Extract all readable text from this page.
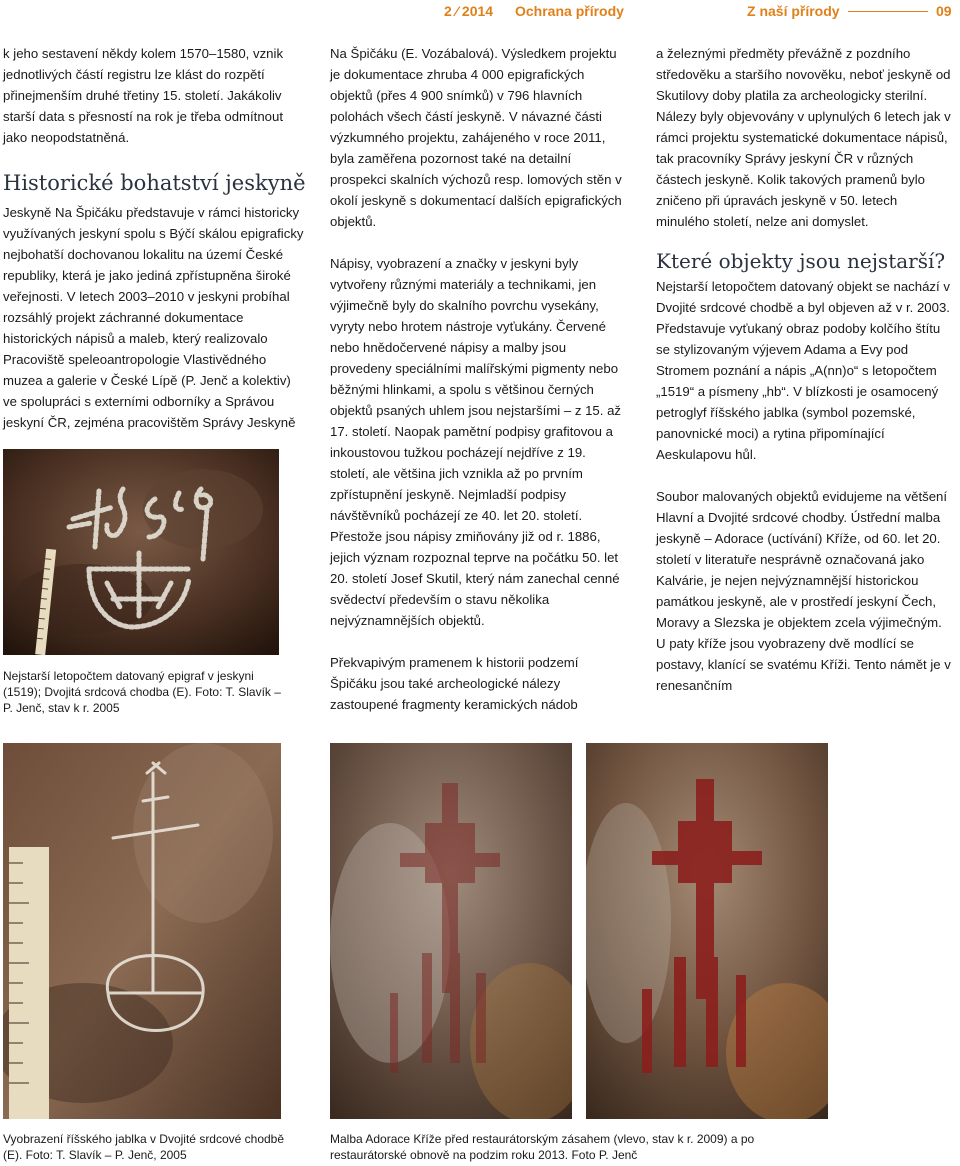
2 ⁄ 2014 Ochrana přírody	Z naší přírody	09

k jeho sestavení někdy kolem 1570–1580, vznik jednotlivých částí registru lze klást do rozpětí přinejmenším druhé třetiny 15. století. Jakákoliv starší data s přesností na rok je třeba odmítnout jako neopodstatněná.

Historické bohatství jeskyně

Jeskyně Na Špičáku představuje v rámci historicky využívaných jeskyní spolu s Býčí skálou epigraficky nejbohatší dochovanou lokalitu na území České republiky, která je jako jediná zpřístupněna široké veřejnosti. V letech 2003–2010 v jeskyni probíhal rozsáhlý projekt záchranné dokumentace historických nápisů a maleb, který realizovalo Pracoviště speleoantropologie Vlastivědného muzea a galerie v České Lípě (P. Jenč a kolektiv) ve spolupráci s externími odborníky a Správou jeskyní ČR, zejména pracovištěm Správy Jeskyně

Nejstarší letopočtem datovaný epigraf v jeskyni (1519); Dvojitá srdcová chodba (E). Foto: T. Slavík – P. Jenč, stav k r. 2005

Na Špičáku (E. Vozábalová). Výsledkem projektu je dokumentace zhruba 4 000 epigrafických objektů (přes 4 900 snímků) v 796 hlavních polohách všech částí jeskyně. V návazné části výzkumného projektu, zahájeného v roce 2011, byla zaměřena pozornost také na detailní prospekci skalních výchozů resp. lomových stěn v okolí jeskyně s dokumentací dalších epigrafických objektů.

Nápisy, vyobrazení a značky v jeskyni byly vytvořeny různými materiály a technikami, jen výjimečně byly do skalního povrchu vysekány, vyryty nebo hrotem nástroje vyťukány. Červené nebo hnědočervené nápisy a malby jsou provedeny speciálními malířskými pigmenty nebo běžnými hlinkami, a spolu s většinou černých objektů psaných uhlem jsou nejstaršími – z 15. až 17. století. Naopak pamětní podpisy grafitovou a inkoustovou tužkou pocházejí nejdříve z 19. století, ale většina jich vznikla až po prvním zpřístupnění jeskyně. Nejmladší podpisy návštěvníků pocházejí ze 40. let 20. století. Přestože jsou nápisy zmiňovány již od r. 1886, jejich význam rozpoznal teprve na počátku 50. let 20. století Josef Skutil, který nám zanechal cenné svědectví především o stavu několika nejvýznamnějších objektů.

Překvapivým pramenem k historii podzemí Špičáku jsou také archeologické nálezy zastoupené fragmenty keramických nádob

a železnými předměty převážně z pozdního středověku a staršího novověku, neboť jeskyně od Skutilovy doby platila za archeologicky sterilní. Nálezy byly objevovány v uplynulých 6 letech jak v rámci projektu systematické dokumentace nápisů, tak pracovníky Správy jeskyní ČR v různých částech jeskyně. Kolik takových pramenů bylo zničeno při úpravách jeskyně v 50. letech minulého století, nelze ani domyslet.

Které objekty jsou nejstarší?

Nejstarší letopočtem datovaný objekt se nachází v Dvojité srdcové chodbě a byl objeven až v r. 2003. Představuje vyťukaný obraz podoby kolčího štítu se stylizovaným výjevem Adama a Evy pod Stromem poznání a nápis „A(nn)o“ s letopočtem „1519“ a písmeny „hb“. V blízkosti je osamocený petroglyf říšského jablka (symbol pozemské, panovnické moci) a rytina připomínající Aeskulapovu hůl.

Soubor malovaných objektů evidujeme na většení Hlavní a Dvojité srdcové chodby. Ústřední malba jeskyně – Adorace (uctívání) Kříže, od 60. let 20. století v literatuře nesprávně označovaná jako Kalvárie, je nejen nejvýznamnější historickou památkou jeskyně, ale v prostředí jeskyní Čech, Moravy a Slezska je objektem zcela výjimečným. U paty kříže jsou vyobrazeny dvě modlící se postavy, klanící se svatému Kříži. Tento námět je v renesančním

Vyobrazení říšského jablka v Dvojité srdcové chodbě (E). Foto: T. Slavík – P. Jenč, 2005
Malba Adorace Kříže před restaurátorským zásahem (vlevo, stav k r. 2009) a po restaurátorské obnově na podzim roku 2013. Foto P. Jenč
